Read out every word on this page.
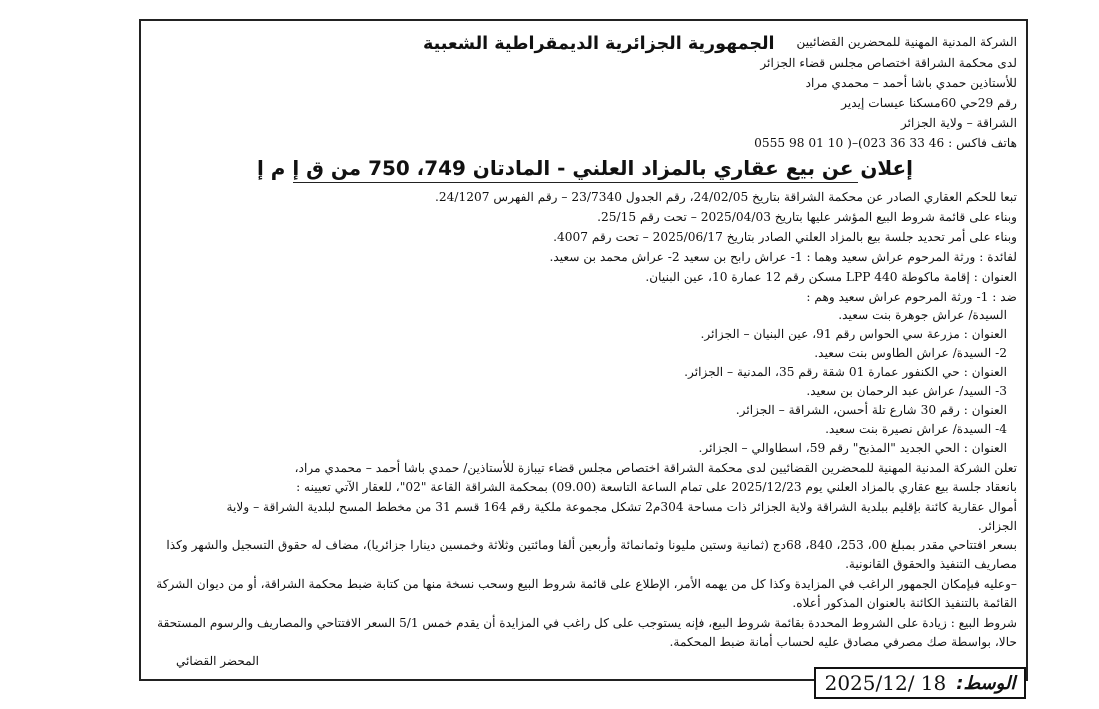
الشركة المدنية المهنية للمحضرين القضائيين
الجمهورية الجزائرية الديمقراطية الشعبية
لدى محكمة الشراقة اختصاص مجلس قضاء الجزائر
للأستاذين حمدي باشا أحمد – محمدي مراد
رقم 29حي 60مسكنا عيسات إيدير
الشراقة – ولاية الجزائر
هاتف فاكس : 46 33 36 023)–( 10 01 98 0555
إعلان عن بيع عقاري بالمزاد العلني - المادتان 749، 750 من ق إ م إ
تبعا للحكم العقاري الصادر عن محكمة الشراقة بتاريخ 24/02/05، رقم الجدول 23/7340 – رقم الفهرس 24/1207.
وبناء على قائمة شروط البيع المؤشر عليها بتاريخ 2025/04/03 – تحت رقم 25/15.
وبناء على أمر تحديد جلسة بيع بالمزاد العلني الصادر بتاريخ 2025/06/17 – تحت رقم 4007.
لفائدة : ورثة المرحوم عراش سعيد وهما : 1- عراش رابح بن سعيد 2- عراش محمد بن سعيد.
العنوان : إقامة ماكوطة LPP 440 مسكن رقم 12 عمارة 10، عين البنيان.
ضد : 1- ورثة المرحوم عراش سعيد وهم :
السيدة/ عراش جوهرة بنت سعيد.
العنوان : مزرعة سي الحواس رقم 91، عين البنيان – الجزائر.
2- السيدة/ عراش الطاوس بنت سعيد.
العنوان : حي الكنفور عمارة 01 شقة رقم 35، المدنية – الجزائر.
3- السيد/ عراش عبد الرحمان بن سعيد.
العنوان : رقم 30 شارع تلة أحسن، الشراقة – الجزائر.
4- السيدة/ عراش نصيرة بنت سعيد.
العنوان : الحي الجديد "المذبح" رقم 59، اسطاوالي – الجزائر.
تعلن الشركة المدنية المهنية للمحضرين القضائيين لدى محكمة الشراقة اختصاص مجلس قضاء تيبازة للأستاذين/ حمدي باشا أحمد – محمدي مراد،
بانعقاد جلسة بيع عقاري بالمزاد العلني يوم 2025/12/23 على تمام الساعة التاسعة (09.00) بمحكمة الشراقة القاعة "02"، للعقار الآتي تعيينه :
أموال عقارية كائنة بإقليم ببلدية الشراقة ولاية الجزائر ذات مساحة 304م2 تشكل مجموعة ملكية رقم 164 قسم 31 من مخطط المسح لبلدية الشراقة – ولاية
الجزائر.
بسعر افتتاحي مقدر بمبلغ 00، 253، 840، 68دج (ثمانية وستين مليونا وثمانمائة وأربعين ألفا ومائتين وثلاثة وخمسين دينارا جزائريا)، مضاف له حقوق التسجيل والشهر وكذا
مصاريف التنفيذ والحقوق القانونية.
–وعليه فبإمكان الجمهور الراغب في المزايدة وكذا كل من يهمه الأمر، الإطلاع على قائمة شروط البيع وسحب نسخة منها من كتابة ضبط محكمة الشراقة، أو من ديوان الشركة
القائمة بالتنفيذ الكائنة بالعنوان المذكور أعلاه.
شروط البيع : زيادة على الشروط المحددة بقائمة شروط البيع، فإنه يستوجب على كل راغب في المزايدة أن يقدم خمس 5/1 السعر الافتتاحي والمصاريف والرسوم المستحقة
حالا، بواسطة صك مصرفي مصادق عليه لحساب أمانة ضبط المحكمة.
المحضر القضائي
الوسط:
2025/12/ 18
